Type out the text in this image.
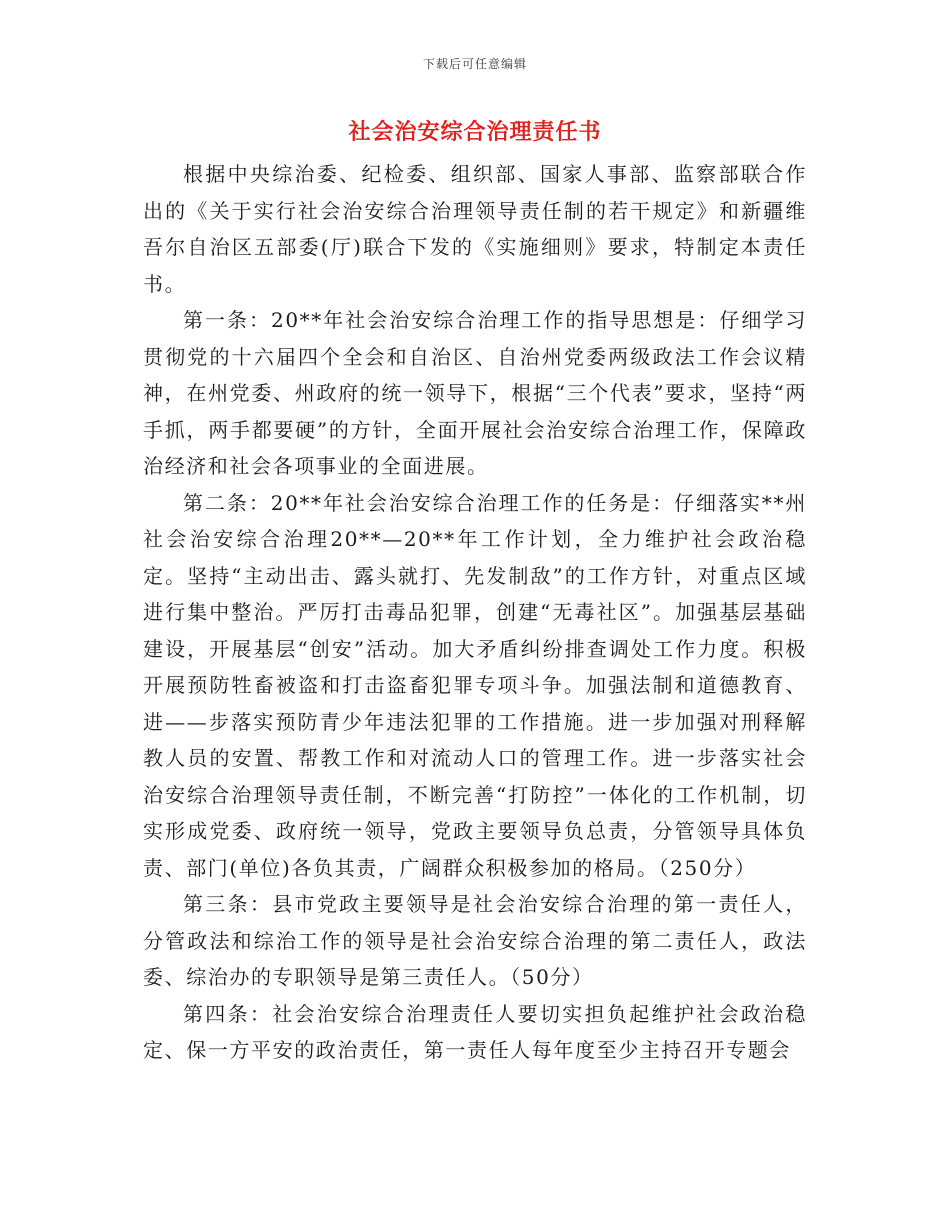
下载后可任意编辑
社会治安综合治理责任书

根据中央综治委、纪检委、组织部、国家人事部、监察部联合作出的《关于实行社会治安综合治理领导责任制的若干规定》和新疆维吾尔自治区五部委(厅)联合下发的《实施细则》要求，特制定本责任书。

第一条：20**年社会治安综合治理工作的指导思想是：仔细学习贯彻党的十六届四个全会和自治区、自治州党委两级政法工作会议精神，在州党委、州政府的统一领导下，根据“三个代表”要求，坚持“两手抓，两手都要硬”的方针，全面开展社会治安综合治理工作，保障政治经济和社会各项事业的全面进展。

第二条：20**年社会治安综合治理工作的任务是：仔细落实**州社会治安综合治理20**—20**年工作计划，全力维护社会政治稳定。坚持“主动出击、露头就打、先发制敌”的工作方针，对重点区域进行集中整治。严厉打击毒品犯罪，创建“无毒社区”。加强基层基础建设，开展基层“创安”活动。加大矛盾纠纷排查调处工作力度。积极开展预防牲畜被盗和打击盗畜犯罪专项斗争。加强法制和道德教育、进——步落实预防青少年违法犯罪的工作措施。进一步加强对刑释解教人员的安置、帮教工作和对流动人口的管理工作。进一步落实社会治安综合治理领导责任制，不断完善“打防控”一体化的工作机制，切实形成党委、政府统一领导，党政主要领导负总责，分管领导具体负责、部门(单位)各负其责，广阔群众积极参加的格局。（250分）

第三条：县市党政主要领导是社会治安综合治理的第一责任人，分管政法和综治工作的领导是社会治安综合治理的第二责任人，政法委、综治办的专职领导是第三责任人。（50分）

第四条：社会治安综合治理责任人要切实担负起维护社会政治稳定、保一方平安的政治责任，第一责任人每年度至少主持召开专题会
